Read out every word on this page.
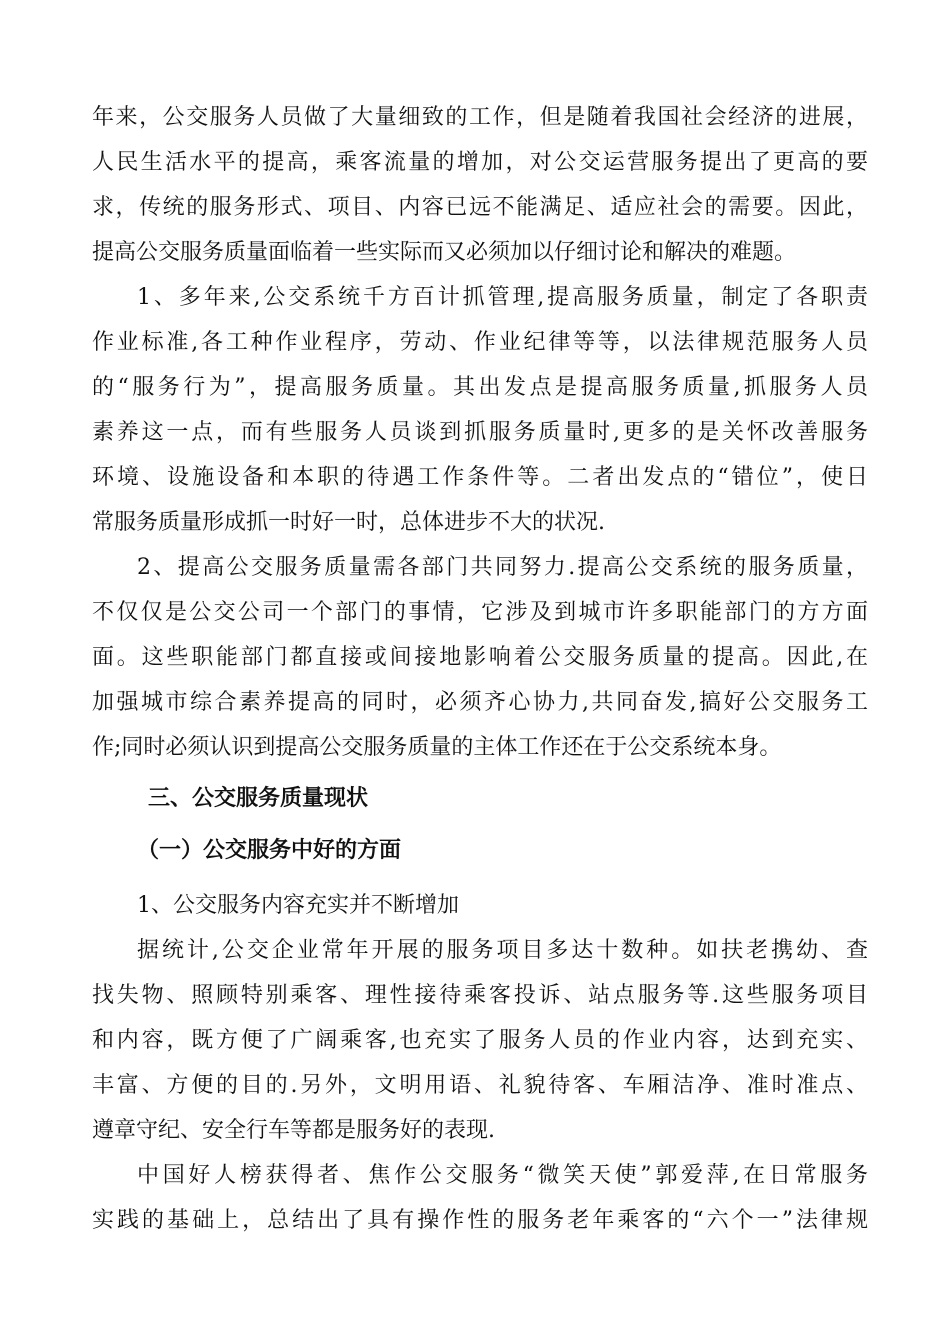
年来，公交服务人员做了大量细致的工作，但是随着我国社会经济的进展，
人民生活水平的提高，乘客流量的增加，对公交运营服务提出了更高的要
求，传统的服务形式、项目、内容已远不能满足、适应社会的需要。因此，
提高公交服务质量面临着一些实际而又必须加以仔细讨论和解决的难题。
1、多年来,公交系统千方百计抓管理,提高服务质量，制定了各职责
作业标准,各工种作业程序，劳动、作业纪律等等，以法律规范服务人员
的“服务行为”，提高服务质量。其出发点是提高服务质量,抓服务人员
素养这一点，而有些服务人员谈到抓服务质量时,更多的是关怀改善服务
环境、设施设备和本职的待遇工作条件等。二者出发点的“错位”，使日
常服务质量形成抓一时好一时，总体进步不大的状况.
2、提高公交服务质量需各部门共同努力.提高公交系统的服务质量，
不仅仅是公交公司一个部门的事情，它涉及到城市许多职能部门的方方面
面。这些职能部门都直接或间接地影响着公交服务质量的提高。因此,在
加强城市综合素养提高的同时，必须齐心协力,共同奋发,搞好公交服务工
作;同时必须认识到提高公交服务质量的主体工作还在于公交系统本身。
三、公交服务质量现状
（一）公交服务中好的方面
1、公交服务内容充实并不断增加
据统计,公交企业常年开展的服务项目多达十数种。如扶老携幼、查
找失物、照顾特别乘客、理性接待乘客投诉、站点服务等.这些服务项目
和内容，既方便了广阔乘客,也充实了服务人员的作业内容，达到充实、
丰富、方便的目的.另外，文明用语、礼貌待客、车厢洁净、准时准点、
遵章守纪、安全行车等都是服务好的表现.
中国好人榜获得者、焦作公交服务“微笑天使”郭爱萍,在日常服务
实践的基础上，总结出了具有操作性的服务老年乘客的“六个一”法律规
